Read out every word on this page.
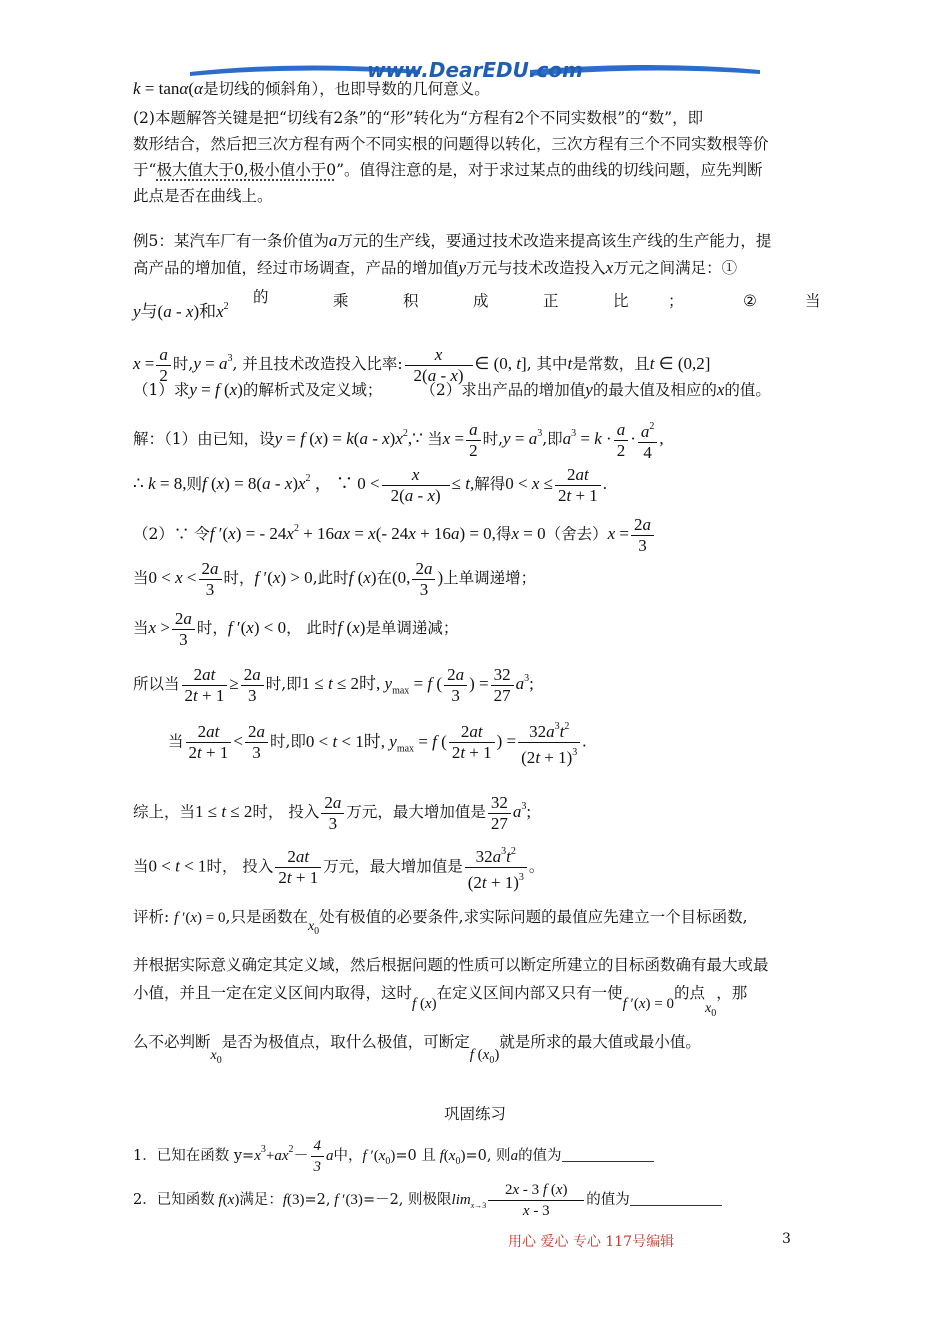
www.DearEDU.com
k = tanα(α是切线的倾斜角），也即导数的几何意义。
(2)本题解答关键是把“切线有2条”的“形”转化为“方程有2个不同实数根”的“数”，即
数形结合，然后把三次方程有两个不同实根的问题得以转化，三次方程有三个不同实数根等价
于“极大值大于0,极小值小于0”。值得注意的是，对于求过某点的曲线的切线问题，应先判断
此点是否在曲线上。
例5：某汽车厂有一条价值为a万元的生产线，要通过技术改造来提高该生产线的生产能力，提
高产品的增加值，经过市场调查，产品的增加值y万元与技术改造投入x万元之间满足：①
y与(a - x)和$x^2$
的	乘	积	成	正	比	；	②	当
$x = \frac{a}{2}$ 时$,y = a^3$, 并且技术改造投入比率: $\frac{x}{2(a - x)}$ ∈ (0, t], 其中t是常数，且t ∈ (0,2]
（1）求y = f (x)的解析式及定义域； （2）求出产品的增加值y的最大值及相应的x的值。
解：（1）由已知，设y = f $(x) = k(a - x)x^2,\because$ 当$x = \frac{a}{2}$ 时$,y = a^3$,即$a^3 = k \cdot \frac{a}{2} \cdot \frac{a^2}{4}$ ,
∴ k = 8,则f $(x) = 8(a - x)x^2$ ， ∵ $0 < \frac{x}{2(a - x)} \le t$,解得$0 < x \le \frac{2at}{2t + 1}$ .
（2）∵ 令f ′(x) = - $24x^2 + 16ax = x(-$ 24x + 16a) = 0,得x = 0（舍去）$x = \frac{2a}{3}$
当$0 < x < \frac{2a}{3}$ 时，f ′(x) > 0,此时f (x)在(0, $\frac{2a}{3}$ )上单调递增；
当$x > \frac{2a}{3}$ 时，f ′(x) < 0， 此时f (x)是单调递减；
所以当 $\frac{2at}{2t + 1} \ge \frac{2a}{3}$ 时,即1 ≤ t ≤ 2时, $y_{max} = f$ ( $\frac{2a}{3}$ ) = $\frac{32}{27} a^3$;
当 $\frac{2at}{2t + 1} < \frac{2a}{3}$ 时,即0 < t < 1时, $y_{max} = f$ ( $\frac{2at}{2t + 1}$ ) = $\frac{32a^3t^2}{(2t + 1)^3}$ .
综上，当1 ≤ t ≤ 2时， 投入 $\frac{2a}{3}$ 万元，最大增加值是 $\frac{32}{27} a^3$;
当0 < t < 1时， 投入 $\frac{2at}{2t + 1}$ 万元，最大增加值是 $\frac{32a^3t^2}{(2t + 1)^3}$ 。
评析: f ′(x) = 0,只是函数在$x_0$处有极值的必要条件,求实际问题的最值应先建立一个目标函数,
并根据实际意义确定其定义域，然后根据问题的性质可以断定所建立的目标函数确有最大或最
小值，并且一定在定义区间内取得，这时f (x)在定义区间内部又只有一使f ′(x) = 0的点$x_0$，那
么不必判断$x_0$是否为极值点，取什么极值，可断定f $(x_0)$就是所求的最大值或最小值。
巩固练习
1．已知在函数 $y=x^3+ax^2- \frac{4}{3}$ a中，f $'(x_0)=0$ 且 $f(x_0)=0$, 则a的值为
2．已知函数 f(x)满足：f(3)=2, f ′(3)=－2, 则极限$\lim_{x\to 3} \frac{2x - 3 f (x)}{x - 3}$ 的值为
用心 爱心 专心 117号编辑	3
